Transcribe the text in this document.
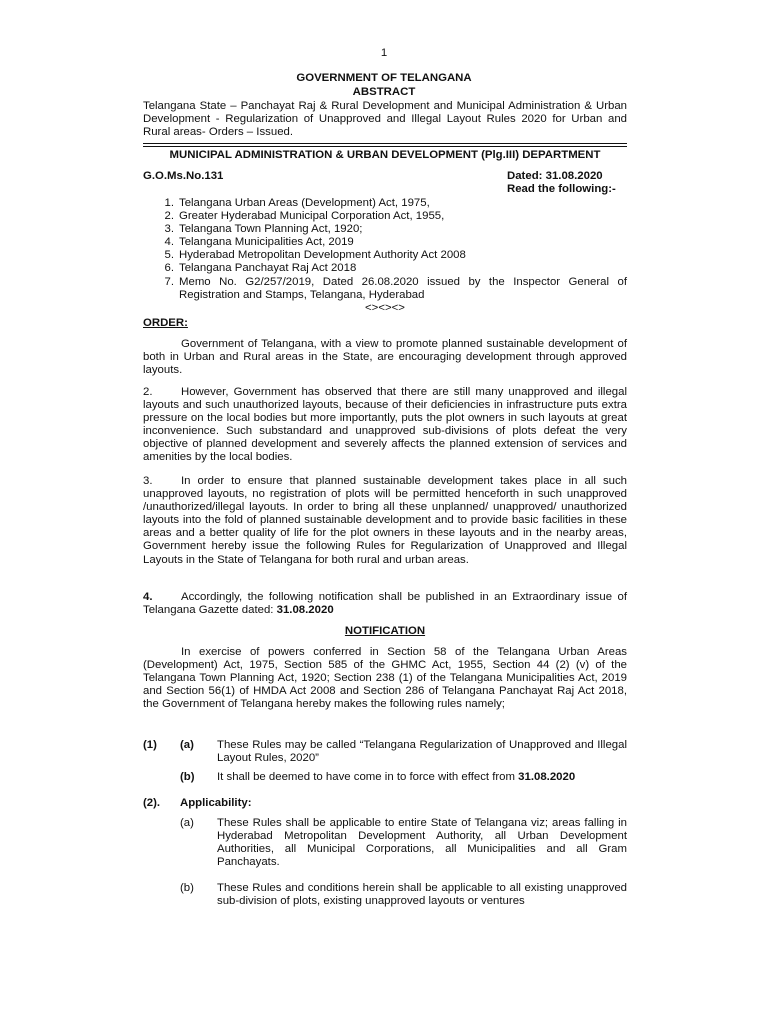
1
GOVERNMENT OF TELANGANA
ABSTRACT
Telangana State – Panchayat Raj & Rural Development and Municipal Administration & Urban Development - Regularization of Unapproved and Illegal Layout Rules 2020 for Urban and Rural areas- Orders – Issued.
MUNICIPAL ADMINISTRATION & URBAN DEVELOPMENT (Plg.III) DEPARTMENT
G.O.Ms.No.131	Dated: 31.08.2020
Read the following:-
1. Telangana Urban Areas (Development) Act, 1975,
2. Greater Hyderabad Municipal Corporation Act, 1955,
3. Telangana Town Planning Act, 1920;
4. Telangana Municipalities Act, 2019
5. Hyderabad Metropolitan Development Authority Act 2008
6. Telangana Panchayat Raj Act 2018
7. Memo No. G2/257/2019, Dated 26.08.2020 issued by the Inspector General of Registration and Stamps, Telangana, Hyderabad
<><><>
ORDER:
Government of Telangana, with a view to promote planned sustainable development of both in Urban and Rural areas in the State, are encouraging development through approved layouts.
2.	However, Government has observed that there are still many unapproved and illegal layouts and such unauthorized layouts, because of their deficiencies in infrastructure puts extra pressure on the local bodies but more importantly, puts the plot owners in such layouts at great inconvenience. Such substandard and unapproved sub-divisions of plots defeat the very objective of planned development and severely affects the planned extension of services and amenities by the local bodies.
3.	In order to ensure that planned sustainable development takes place in all such unapproved layouts, no registration of plots will be permitted henceforth in such unapproved /unauthorized/illegal layouts. In order to bring all these unplanned/ unapproved/ unauthorized layouts into the fold of planned sustainable development and to provide basic facilities in these areas and a better quality of life for the plot owners in these layouts and in the nearby areas, Government hereby issue the following Rules for Regularization of Unapproved and Illegal Layouts in the State of Telangana for both rural and urban areas.
4.	Accordingly, the following notification shall be published in an Extraordinary issue of Telangana Gazette dated: 31.08.2020
NOTIFICATION
In exercise of powers conferred in Section 58 of the Telangana Urban Areas (Development) Act, 1975, Section 585 of the GHMC Act, 1955, Section 44 (2) (v) of the Telangana Town Planning Act, 1920; Section 238 (1) of the Telangana Municipalities Act, 2019 and Section 56(1) of HMDA Act 2008 and Section 286 of Telangana Panchayat Raj Act 2018, the Government of Telangana hereby makes the following rules namely;
(1)	(a)	These Rules may be called “Telangana Regularization of Unapproved and Illegal Layout Rules, 2020”
(b)	It shall be deemed to have come in to force with effect from 31.08.2020
(2).	Applicability:
(a)	These Rules shall be applicable to entire State of Telangana viz; areas falling in Hyderabad Metropolitan Development Authority, all Urban Development Authorities, all Municipal Corporations, all Municipalities and all Gram Panchayats.
(b)	These Rules and conditions herein shall be applicable to all existing unapproved sub-division of plots, existing unapproved layouts or ventures
